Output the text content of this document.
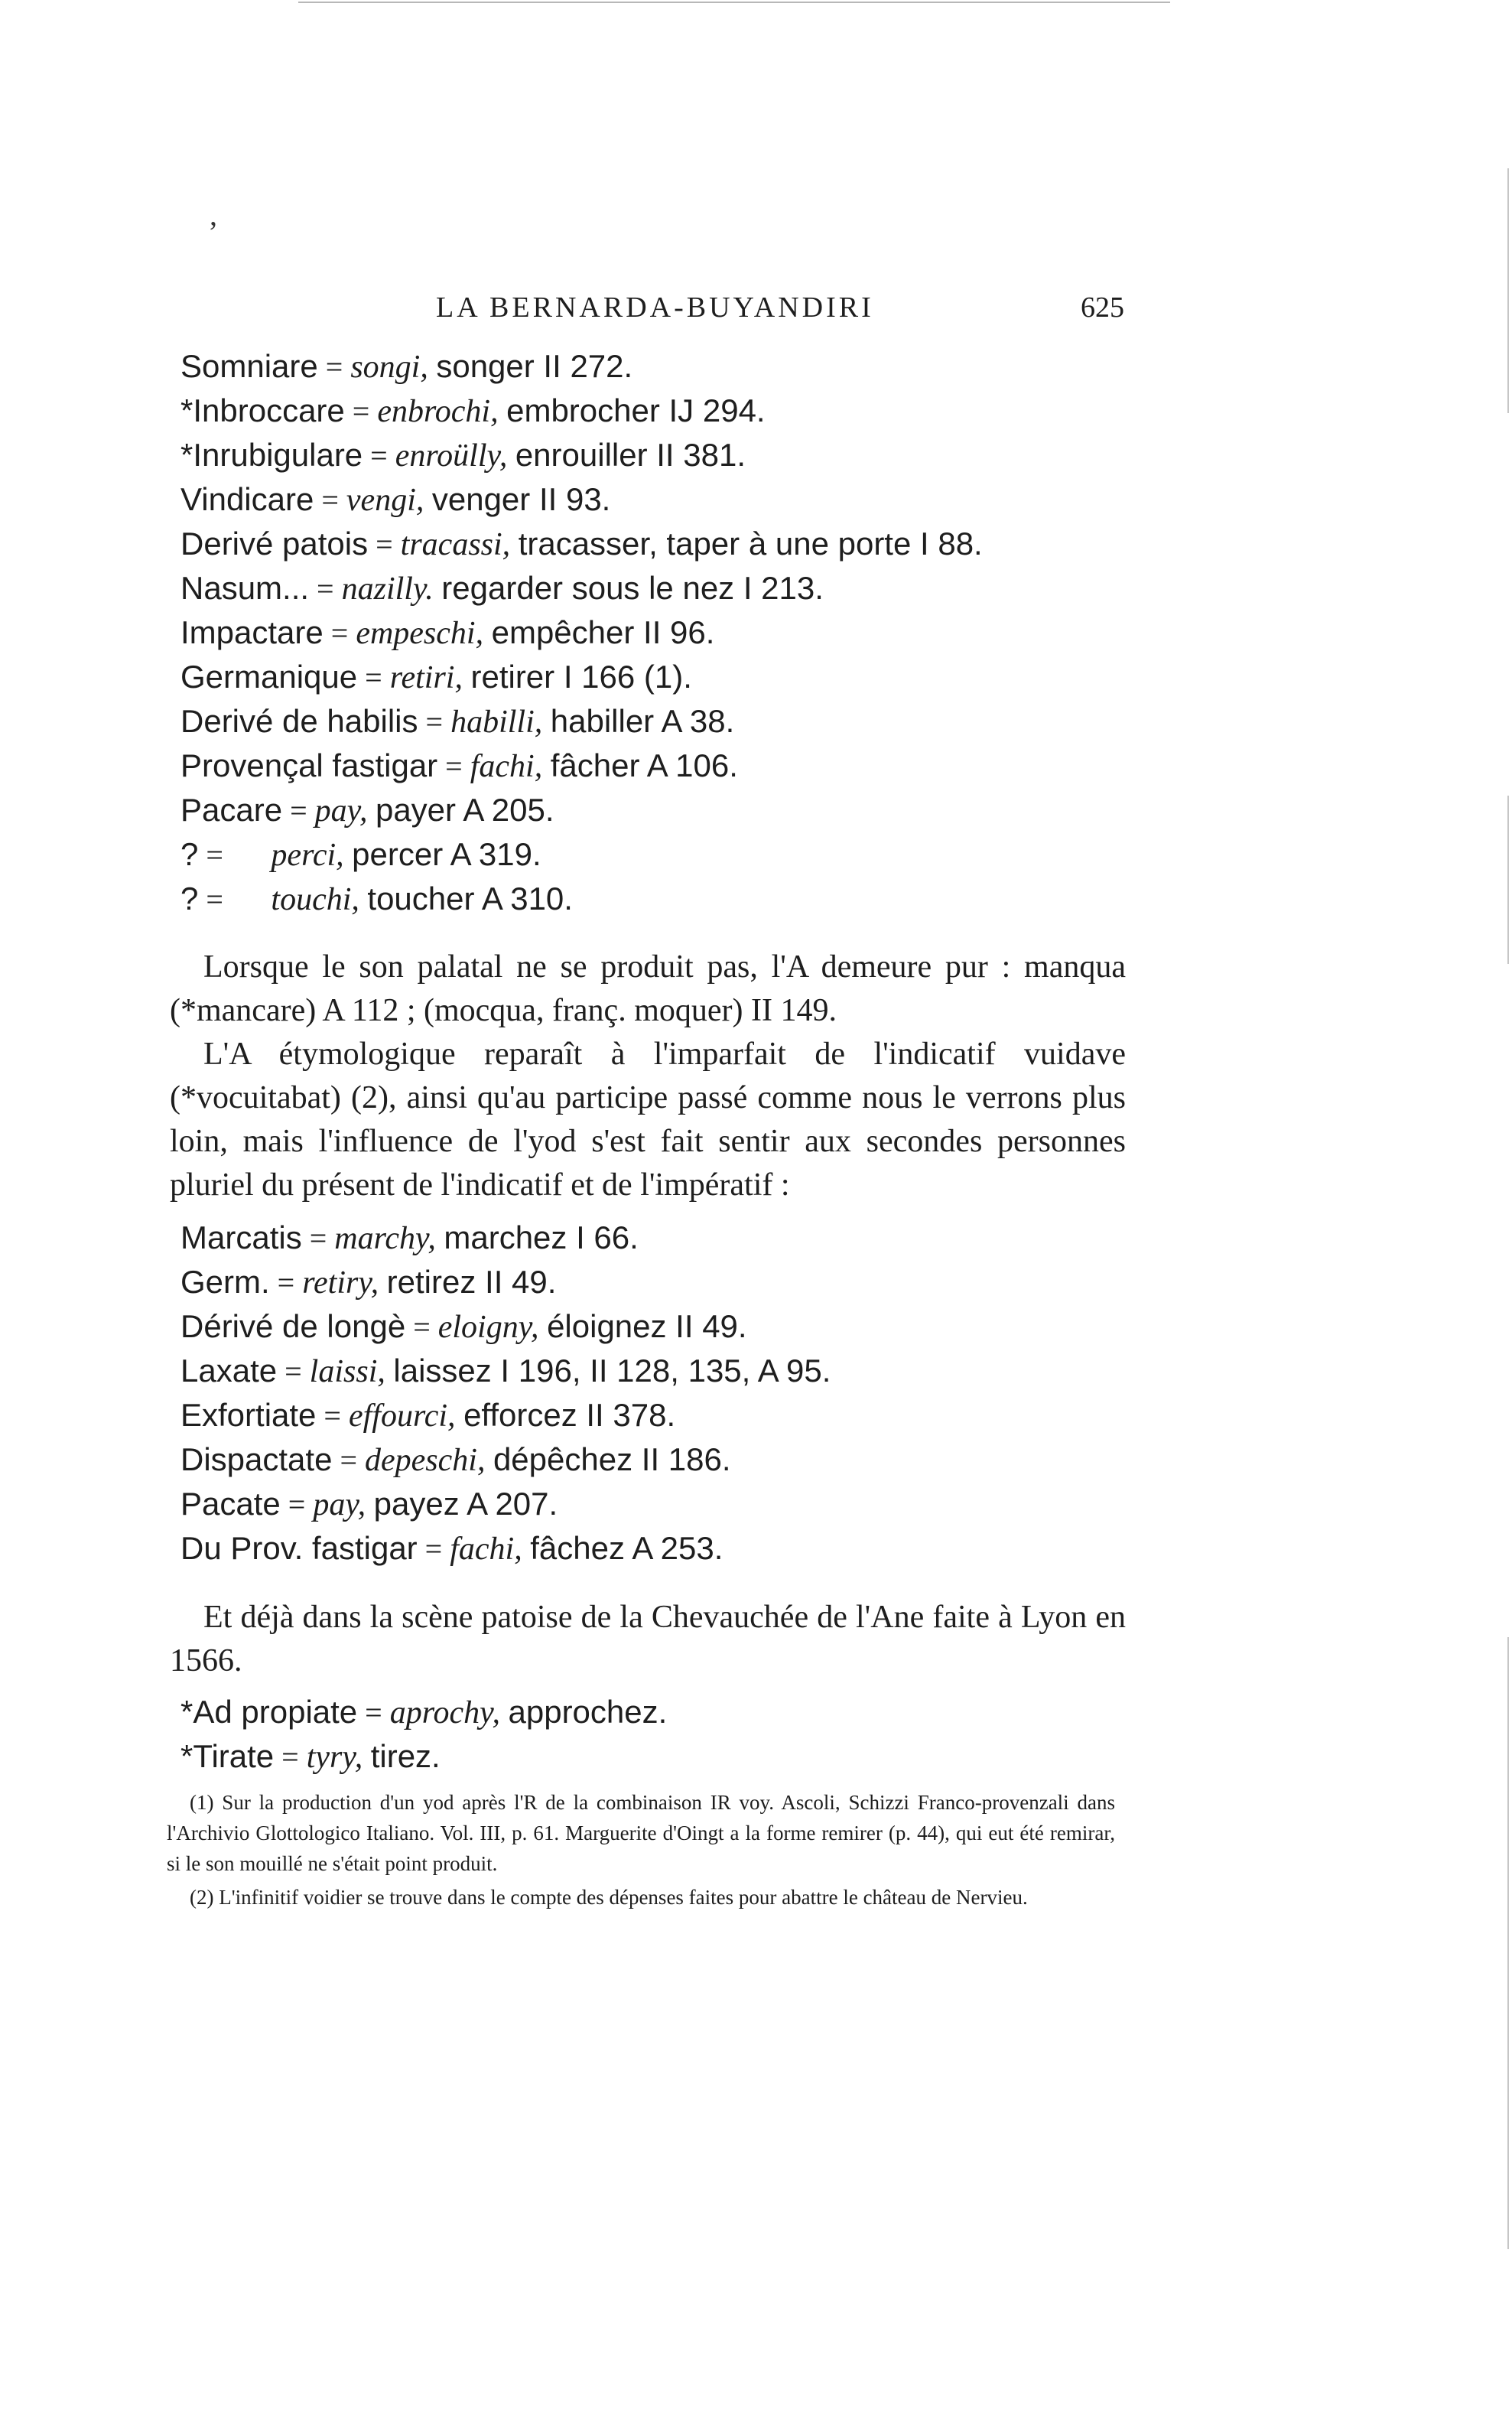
ʼ
LA BERNARDA-BUYANDIRI	625
Somniare = songi, songer II 272.
*Inbroccare = enbrochi, embrocher IJ 294.
*Inrubigulare = enroülly, enrouiller II 381.
Vindicare = vengi, venger II 93.
Derivé patois = tracassi, tracasser, taper à une porte I 88.
Nasum... = nazilly. regarder sous le nez I 213.
Impactare = empeschi, empêcher II 96.
Germanique = retiri, retirer I 166 (1).
Derivé de habilis = habilli, habiller A 38.
Provençal fastigar = fachi, fâcher A 106.
Pacare = pay, payer A 205.
? = perci, percer A 319.
? = touchi, toucher A 310.

Lorsque le son palatal ne se produit pas, l'A demeure pur : manqua (*mancare) A 112 ; (mocqua, franç. moquer) II 149.

L'A étymologique reparaît à l'imparfait de l'indicatif vuidave (*vocuitabat) (2), ainsi qu'au participe passé comme nous le verrons plus loin, mais l'influence de l'yod s'est fait sentir aux secondes personnes pluriel du présent de l'indicatif et de l'impératif :

Marcatis = marchy, marchez I 66.
Germ. = retiry, retirez II 49.
Dérivé de longè = eloigny, éloignez II 49.
Laxate = laissi, laissez I 196, II 128, 135, A 95.
Exfortiate = effourci, efforcez II 378.
Dispactate = depeschi, dépêchez II 186.
Pacate = pay, payez A 207.
Du Prov. fastigar = fachi, fâchez A 253.

Et déjà dans la scène patoise de la Chevauchée de l'Ane faite à Lyon en 1566.

*Ad propiate = aprochy, approchez.
*Tirate = tyry, tirez.

(1) Sur la production d'un yod après l'R de la combinaison IR voy. Ascoli, Schizzi Franco-provenzali dans l'Archivio Glottologico Italiano. Vol. III, p. 61. Marguerite d'Oingt a la forme remirer (p. 44), qui eut été remirar, si le son mouillé ne s'était point produit.

(2) L'infinitif voidier se trouve dans le compte des dépenses faites pour abattre le château de Nervieu.
